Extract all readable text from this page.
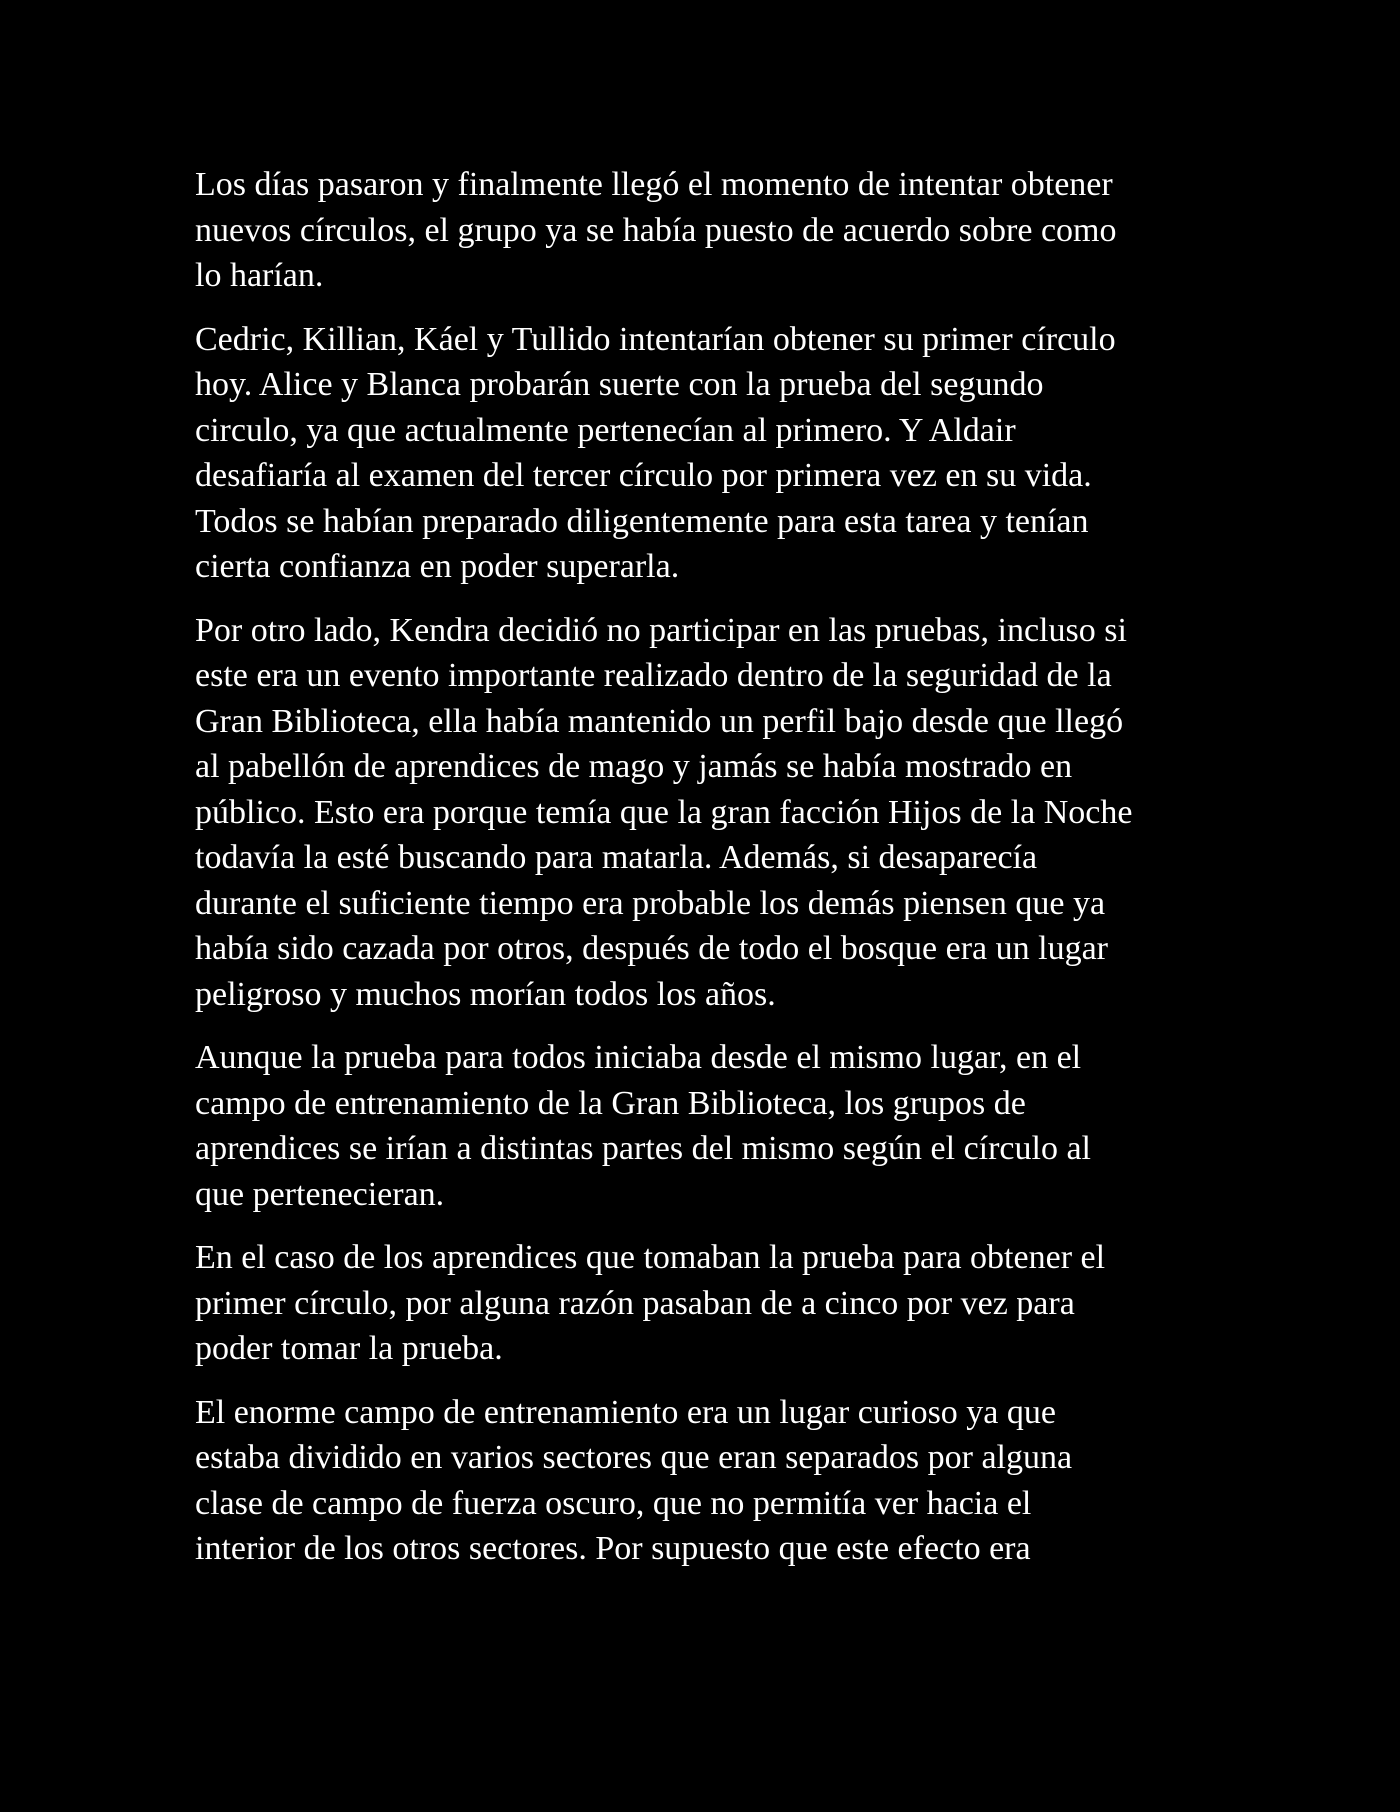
Los días pasaron y finalmente llegó el momento de intentar obtener
nuevos círculos, el grupo ya se había puesto de acuerdo sobre como
lo harían.

Cedric, Killian, Káel y Tullido intentarían obtener su primer círculo
hoy. Alice y Blanca probarán suerte con la prueba del segundo
circulo, ya que actualmente pertenecían al primero. Y Aldair
desafiaría al examen del tercer círculo por primera vez en su vida.
Todos se habían preparado diligentemente para esta tarea y tenían
cierta confianza en poder superarla.

Por otro lado, Kendra decidió no participar en las pruebas, incluso si
este era un evento importante realizado dentro de la seguridad de la
Gran Biblioteca, ella había mantenido un perfil bajo desde que llegó
al pabellón de aprendices de mago y jamás se había mostrado en
público. Esto era porque temía que la gran facción Hijos de la Noche
todavía la esté buscando para matarla. Además, si desaparecía
durante el suficiente tiempo era probable los demás piensen que ya
había sido cazada por otros, después de todo el bosque era un lugar
peligroso y muchos morían todos los años.

Aunque la prueba para todos iniciaba desde el mismo lugar, en el
campo de entrenamiento de la Gran Biblioteca, los grupos de
aprendices se irían a distintas partes del mismo según el círculo al
que pertenecieran.

En el caso de los aprendices que tomaban la prueba para obtener el
primer círculo, por alguna razón pasaban de a cinco por vez para
poder tomar la prueba.

El enorme campo de entrenamiento era un lugar curioso ya que
estaba dividido en varios sectores que eran separados por alguna
clase de campo de fuerza oscuro, que no permitía ver hacia el
interior de los otros sectores. Por supuesto que este efecto era
